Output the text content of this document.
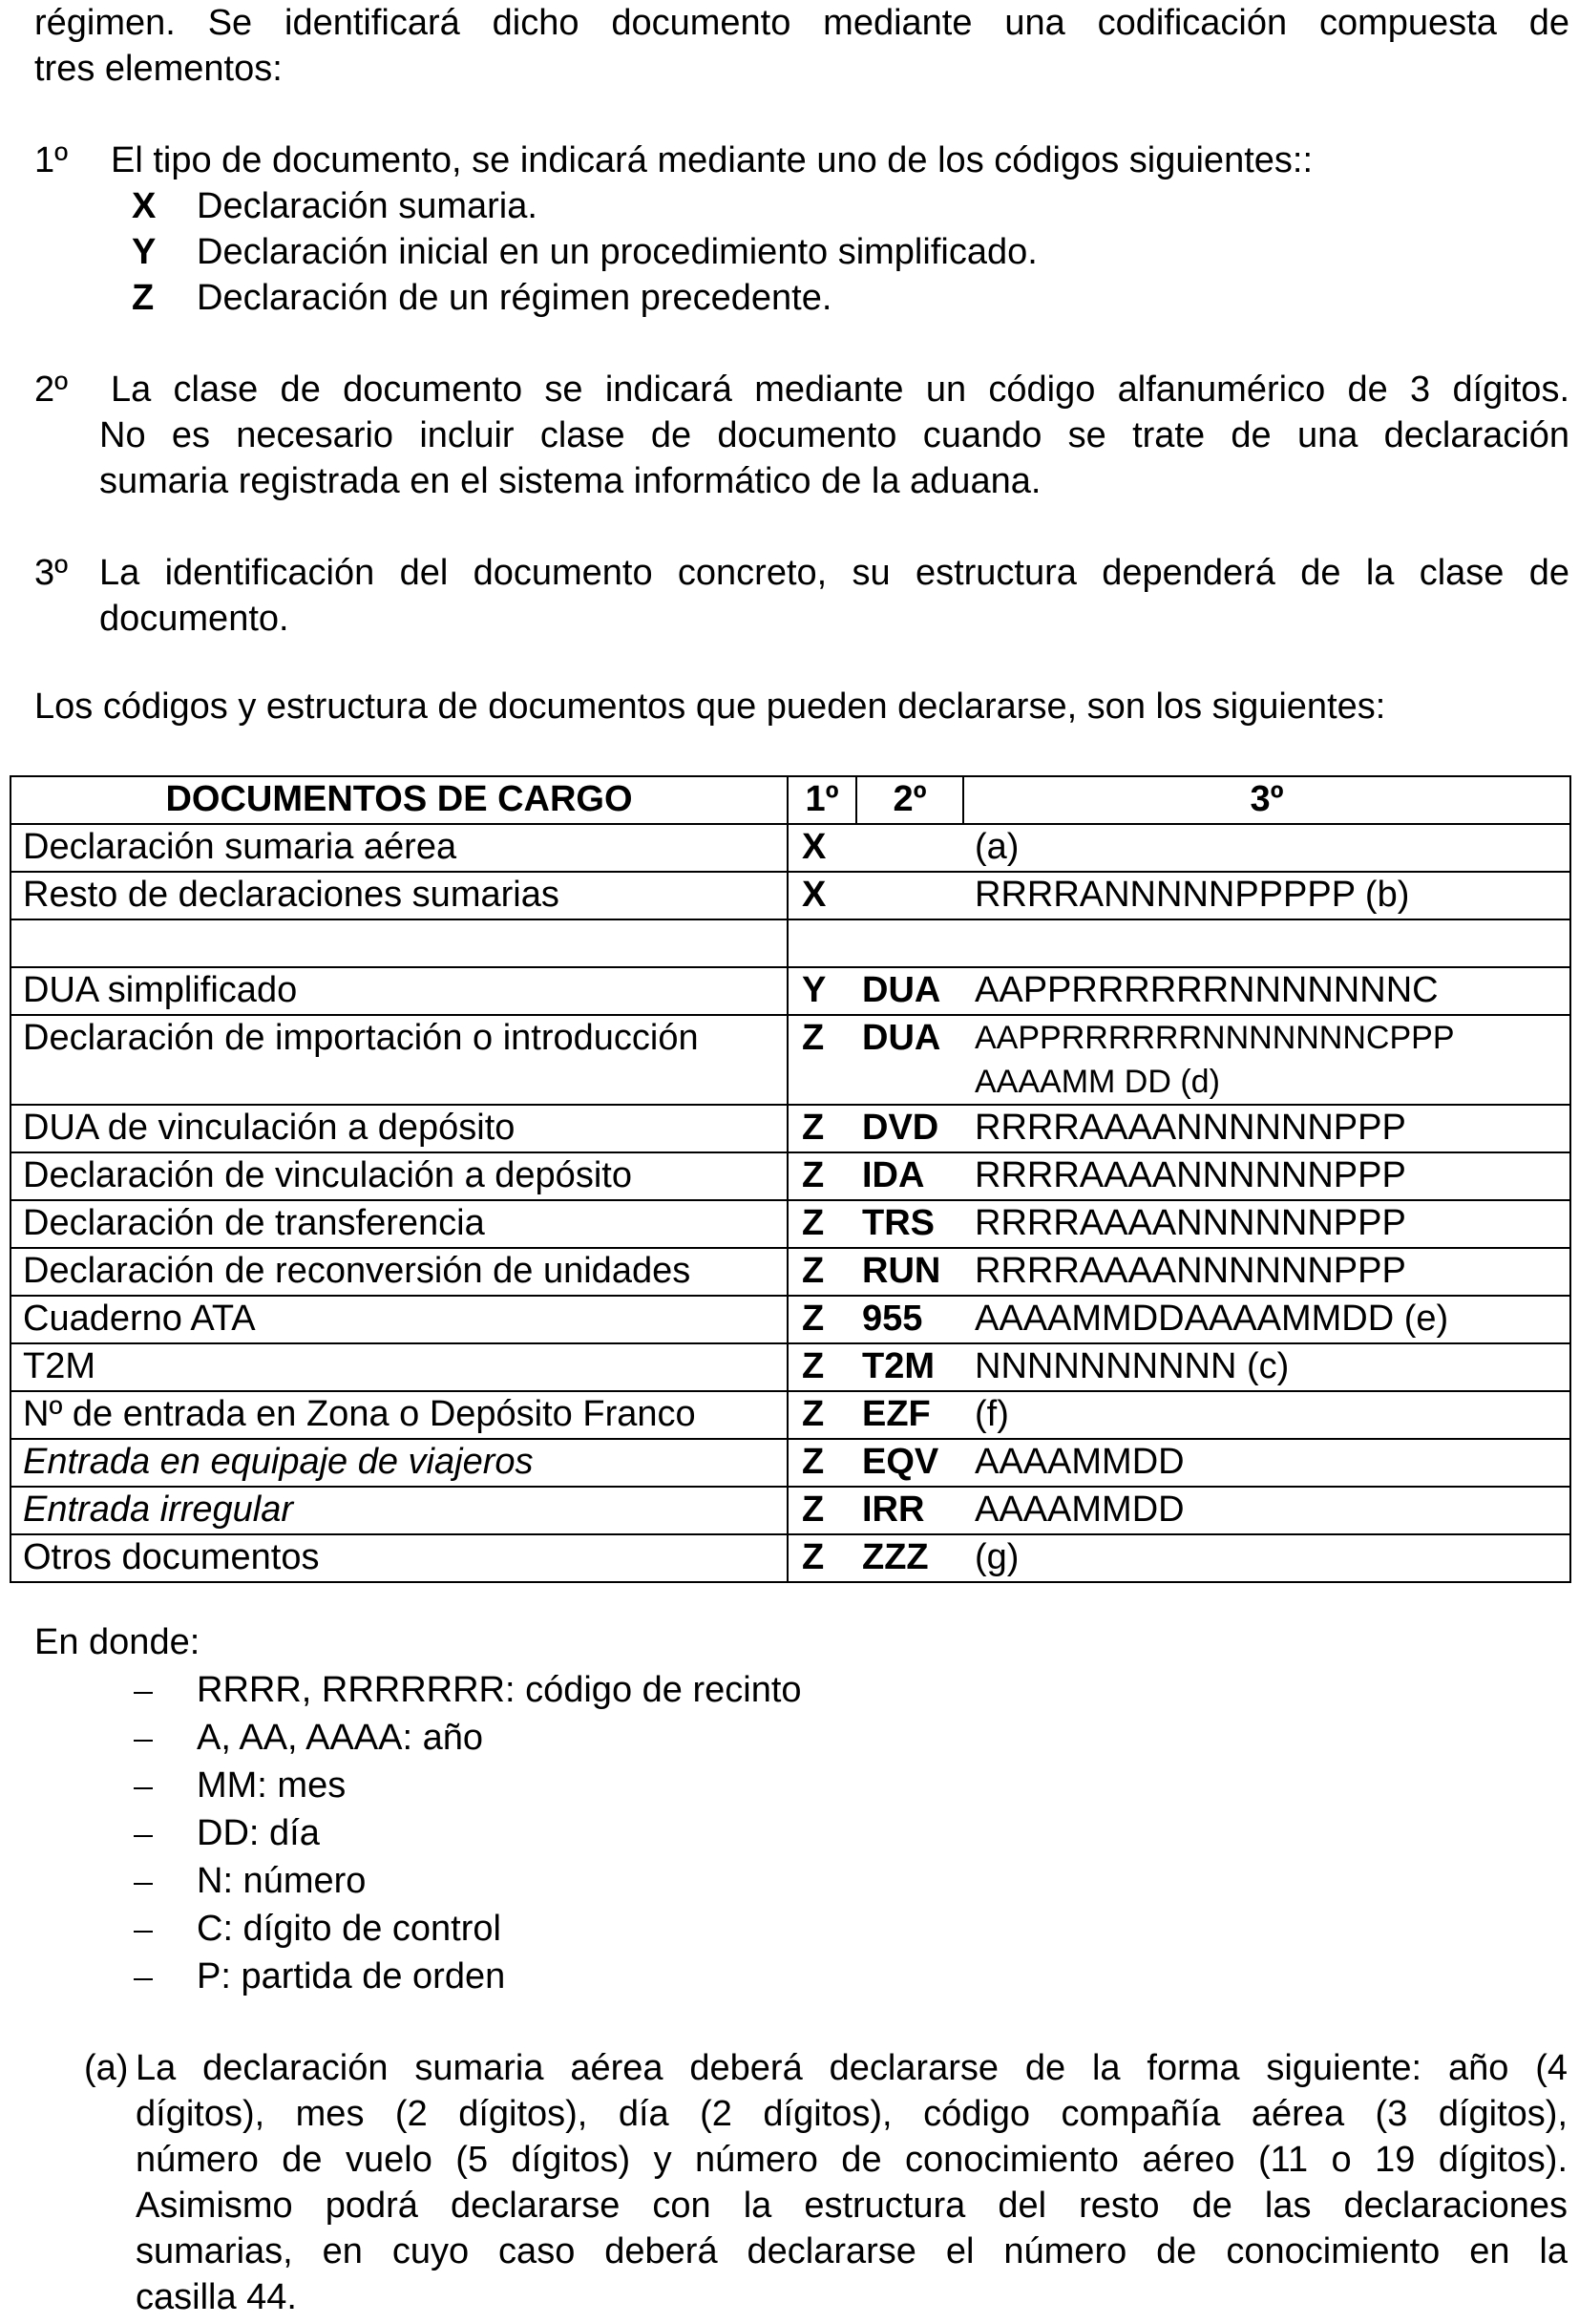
régimen. Se identificará dicho documento mediante una codificación compuesta de
tres elementos:
1º El tipo de documento, se indicará mediante uno de los códigos siguientes::
X Declaración sumaria.
Y Declaración inicial en un procedimiento simplificado.
Z Declaración de un régimen precedente.
2º La clase de documento se indicará mediante un código alfanumérico de 3 dígitos.
No es necesario incluir clase de documento cuando se trate de una declaración
sumaria registrada en el sistema informático de la aduana.
3º La identificación del documento concreto, su estructura dependerá de la clase de
documento.
Los códigos y estructura de documentos que pueden declararse, son los siguientes:
DOCUMENTOS DE CARGO	1º	2º	3º
Declaración sumaria aérea	X		(a)
Resto de declaraciones sumarias	X		RRRRANNNNNPPPPP (b)

DUA simplificado	Y	DUA	AAPPRRRRRRNNNNNNNC
Declaración de importación o introducción	Z	DUA	AAPPRRRRRRNNNNNNNCPPP
AAAAMM DD (d)

DUA de vinculación a depósito	Z	DVD	RRRRAAAANNNNNNPPP
Declaración de vinculación a depósito	Z	IDA	RRRRAAAANNNNNNPPP
Declaración de transferencia	Z	TRS	RRRRAAAANNNNNNPPP
Declaración de reconversión de unidades	Z	RUN	RRRRAAAANNNNNNPPP
Cuaderno ATA	Z	955	AAAAMMDDAAAAMMDD (e)
T2M	Z	T2M	NNNNNNNNNN (c)
Nº de entrada en Zona o Depósito Franco	Z	EZF	(f)
Entrada en equipaje de viajeros	Z	EQV	AAAAMMDD
Entrada irregular	Z	IRR	AAAAMMDD
Otros documentos	Z	ZZZ	(g)
En donde:
RRRR, RRRRRRR: código de recinto
A, AA, AAAA: año
MM: mes
DD: día
N: número
C: dígito de control
P: partida de orden
(a) La declaración sumaria aérea deberá declararse de la forma siguiente: año (4
dígitos), mes (2 dígitos), día (2 dígitos), código compañía aérea (3 dígitos),
número de vuelo (5 dígitos) y número de conocimiento aéreo (11 o 19 dígitos).
Asimismo podrá declararse con la estructura del resto de las declaraciones
sumarias, en cuyo caso deberá declararse el número de conocimiento en la
casilla 44.
